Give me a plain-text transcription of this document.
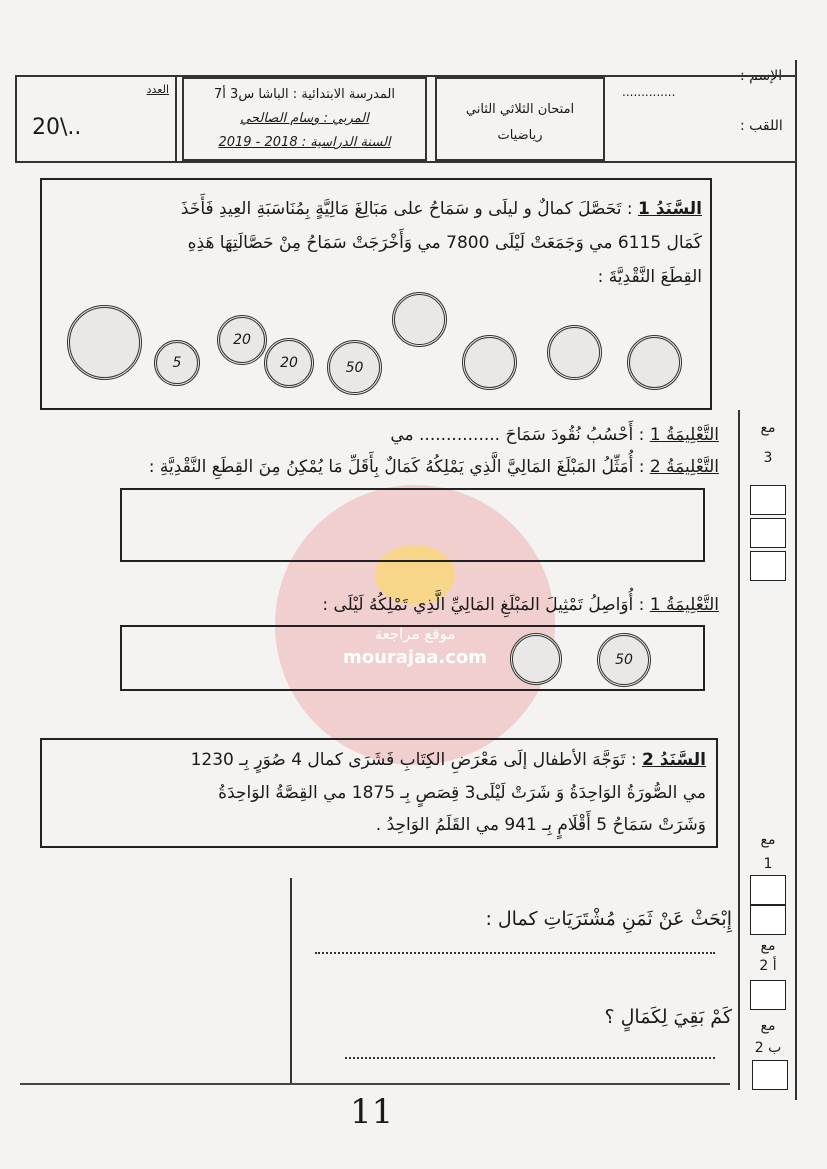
موقع مراجعة
mourajaa.com
الإسم :
اللقب :
20\..
العدد	المدرسة الابتدائية : الباشا س3 أ7
المربي : وسام الصالحي
السنة الدراسية : 2018 - 2019
امتحان الثلاثي الثاني
رياضيات
..............
السَّنَدُ 1 : تَحَصَّلَ كمالٌ و ليلَى و سَمَاحُ على مَبَالِغَ مَالِيَّةٍ بِمُنَاسَبَةِ العِيدِ فَأَخَذَ
كَمَال 6115 مي وَجَمَعَتْ لَيْلَى 7800 مي وَأَخْرَجَتْ سَمَاحُ مِنْ حَصَّالَتِهَا هَذِهِ
القِطَعَ النَّقْدِيَّةَ :
5
20
20	50
التَّعْلِيمَةُ 1 : أَحْسُبُ نُقُودَ سَمَاحَ ............... مي
التَّعْلِيمَةُ 2 : أُمَثِّلُ المَبْلَغَ المَالِيَّ الَّذِي يَمْلِكُهُ كَمَالٌ بِأَقَلِّ مَا يُمْكِنُ مِنَ القِطَعِ النَّقْدِيَّةِ :
التَّعْلِيمَةُ 1 : أُوَاصِلُ تَمْثِيلَ المَبْلَغِ المَالِيِّ الَّذِي تَمْلِكُهُ لَيْلَى :
50
السَّنَدُ 2 : تَوَجَّهَ الأطفال إلَى مَعْرَضِ الكِتَابِ فَشَرَى كمال 4 صُوَرٍ بِـ 1230
مي الصُّورَةُ الوَاحِدَةُ وَ شَرَتْ لَيْلَى3 قِصَصٍ بِـ 1875 مي القِصَّةُ الوَاحِدَةُ
وَشَرَتْ سَمَاحُ 5 أَقْلَامٍ بِـ 941 مي القَلَمُ الوَاحِدُ .
إِبْحَثْ عَنْ ثَمَنِ مُشْتَرَيَاتِ كمال :
كَمْ بَقِيَ لِكَمَالٍ ؟
مع
3
مع
1
مع
2 أ
مع
2 ب
11
